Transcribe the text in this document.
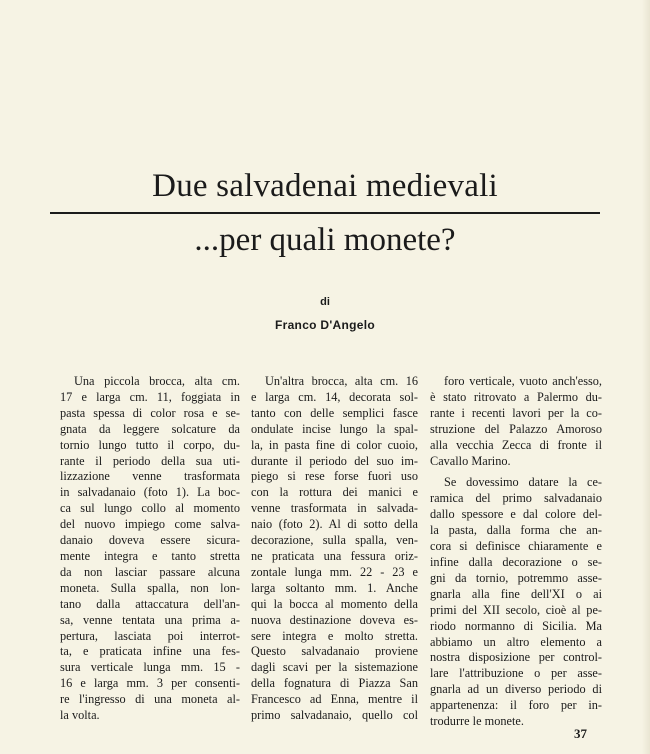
Due salvadenai medievali
...per quali monete?
di
Franco D'Angelo
Una piccola brocca, alta cm.
17 e larga cm. 11, foggiata in
pasta spessa di color rosa e se-
gnata da leggere solcature da
tornio lungo tutto il corpo, du-
rante il periodo della sua uti-
lizzazione venne trasformata
in salvadanaio (foto 1). La boc-
ca sul lungo collo al momento
del nuovo impiego come salva-
danaio doveva essere sicura-
mente integra e tanto stretta
da non lasciar passare alcuna
moneta. Sulla spalla, non lon-
tano dalla attaccatura dell'an-
sa, venne tentata una prima a-
pertura, lasciata poi interrot-
ta, e praticata infine una fes-
sura verticale lunga mm. 15 -
16 e larga mm. 3 per consenti-
re l'ingresso di una moneta al-
la volta.
Un'altra brocca, alta cm. 16
e larga cm. 14, decorata sol-
tanto con delle semplici fasce
ondulate incise lungo la spal-
la, in pasta fine di color cuoio,
durante il periodo del suo im-
piego si rese forse fuori uso
con la rottura dei manici e
venne trasformata in salvada-
naio (foto 2). Al di sotto della
decorazione, sulla spalla, ven-
ne praticata una fessura oriz-
zontale lunga mm. 22 - 23 e
larga soltanto mm. 1. Anche
qui la bocca al momento della
nuova destinazione doveva es-
sere integra e molto stretta.
Questo salvadanaio proviene
dagli scavi per la sistemazione
della fognatura di Piazza San
Francesco ad Enna, mentre il
primo salvadanaio, quello col
foro verticale, vuoto anch'esso,
è stato ritrovato a Palermo du-
rante i recenti lavori per la co-
struzione del Palazzo Amoroso
alla vecchia Zecca di fronte il
Cavallo Marino.
Se dovessimo datare la ce-
ramica del primo salvadanaio
dallo spessore e dal colore del-
la pasta, dalla forma che an-
cora si definisce chiaramente e
infine dalla decorazione o se-
gni da tornio, potremmo asse-
gnarla alla fine dell'XI o ai
primi del XII secolo, cioè al pe-
riodo normanno di Sicilia. Ma
abbiamo un altro elemento a
nostra disposizione per control-
lare l'attribuzione o per asse-
gnarla ad un diverso periodo di
appartenenza: il foro per in-
trodurre le monete.
37
